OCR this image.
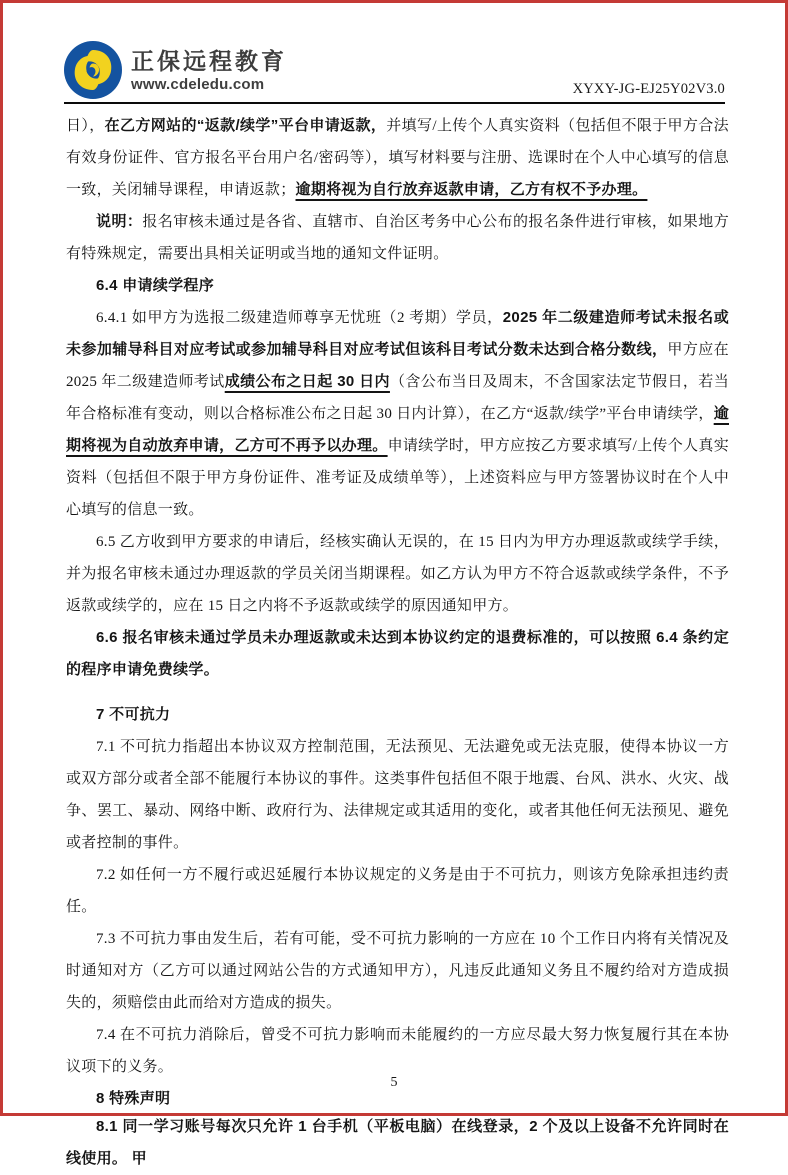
正保远程教育
www.cdeledu.com	XYXY-JG-EJ25Y02V3.0

日），在乙方网站的“返款/续学”平台申请返款，并填写/上传个人真实资料（包括但不限于甲方合法有效身份证件、官方报名平台用户名/密码等），填写材料要与注册、选课时在个人中心填写的信息一致，关闭辅导课程，申请返款；逾期将视为自行放弃返款申请，乙方有权不予办理。

说明：报名审核未通过是各省、直辖市、自治区考务中心公布的报名条件进行审核，如果地方有特殊规定，需要出具相关证明或当地的通知文件证明。

6.4 申请续学程序

6.4.1 如甲方为选报二级建造师尊享无忧班（2 考期）学员，2025 年二级建造师考试未报名或未参加辅导科目对应考试或参加辅导科目对应考试但该科目考试分数未达到合格分数线，甲方应在 2025 年二级建造师考试成绩公布之日起 30 日内（含公布当日及周末，不含国家法定节假日，若当年合格标准有变动，则以合格标准公布之日起 30 日内计算），在乙方“返款/续学”平台申请续学，逾期将视为自动放弃申请，乙方可不再予以办理。申请续学时，甲方应按乙方要求填写/上传个人真实资料（包括但不限于甲方身份证件、准考证及成绩单等），上述资料应与甲方签署协议时在个人中心填写的信息一致。

6.5 乙方收到甲方要求的申请后，经核实确认无误的，在 15 日内为甲方办理返款或续学手续，并为报名审核未通过办理返款的学员关闭当期课程。如乙方认为甲方不符合返款或续学条件，不予返款或续学的，应在 15 日之内将不予返款或续学的原因通知甲方。

6.6 报名审核未通过学员未办理返款或未达到本协议约定的退费标准的，可以按照 6.4 条约定的程序申请免费续学。

7 不可抗力

7.1 不可抗力指超出本协议双方控制范围，无法预见、无法避免或无法克服，使得本协议一方或双方部分或者全部不能履行本协议的事件。这类事件包括但不限于地震、台风、洪水、火灾、战争、罢工、暴动、网络中断、政府行为、法律规定或其适用的变化，或者其他任何无法预见、避免或者控制的事件。

7.2 如任何一方不履行或迟延履行本协议规定的义务是由于不可抗力，则该方免除承担违约责任。

7.3 不可抗力事由发生后，若有可能，受不可抗力影响的一方应在 10 个工作日内将有关情况及时通知对方（乙方可以通过网站公告的方式通知甲方），凡违反此通知义务且不履约给对方造成损失的，须赔偿由此而给对方造成的损失。

7.4 在不可抗力消除后，曾受不可抗力影响而未能履约的一方应尽最大努力恢复履行其在本协议项下的义务。

8 特殊声明

8.1 同一学习账号每次只允许 1 台手机（平板电脑）在线登录，2 个及以上设备不允许同时在线使用。 甲

5
